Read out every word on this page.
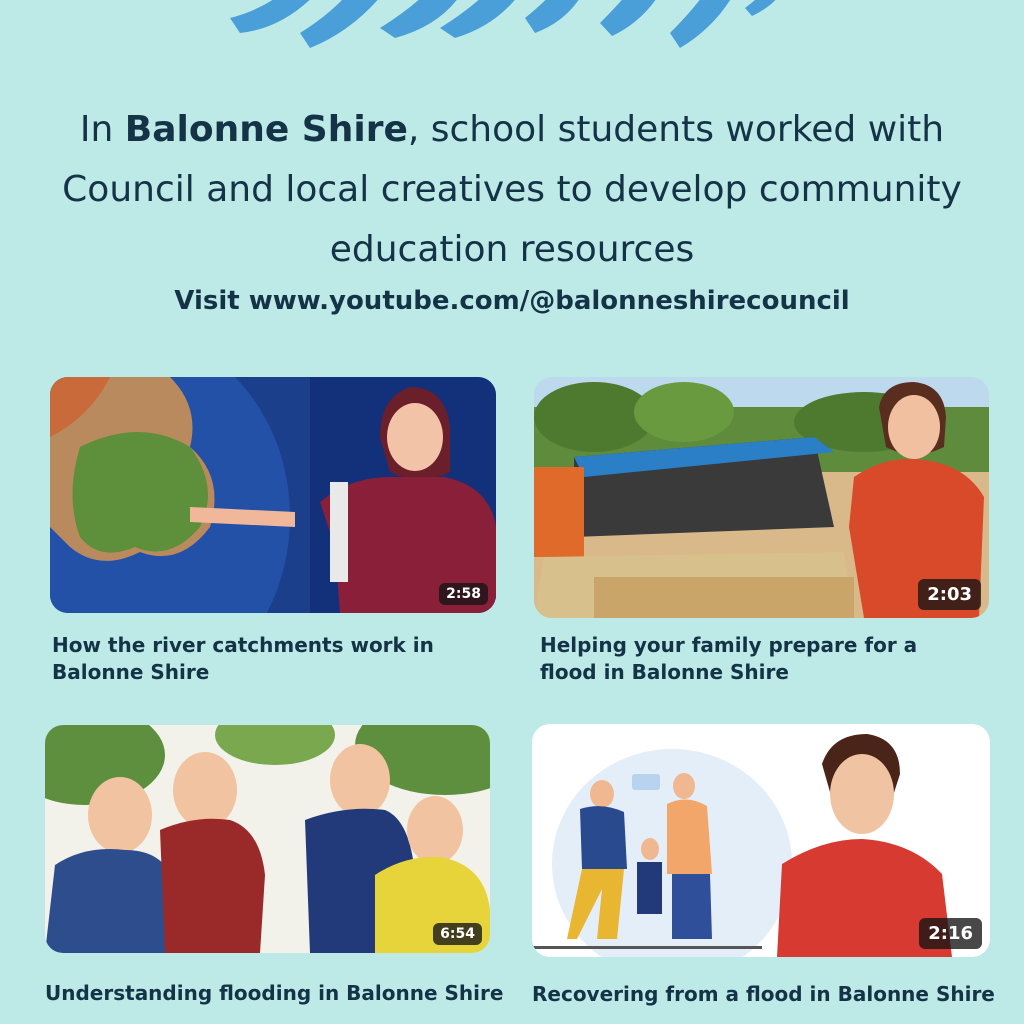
In Balonne Shire, school students worked with Council and local creatives to develop community education resources
Visit www.youtube.com/@balonneshirecouncil
2:58
How the river catchments work in Balonne Shire
2:03
Helping your family prepare for a flood in Balonne Shire
6:54
Understanding flooding in Balonne Shire
2:16
Recovering from a flood in Balonne Shire
